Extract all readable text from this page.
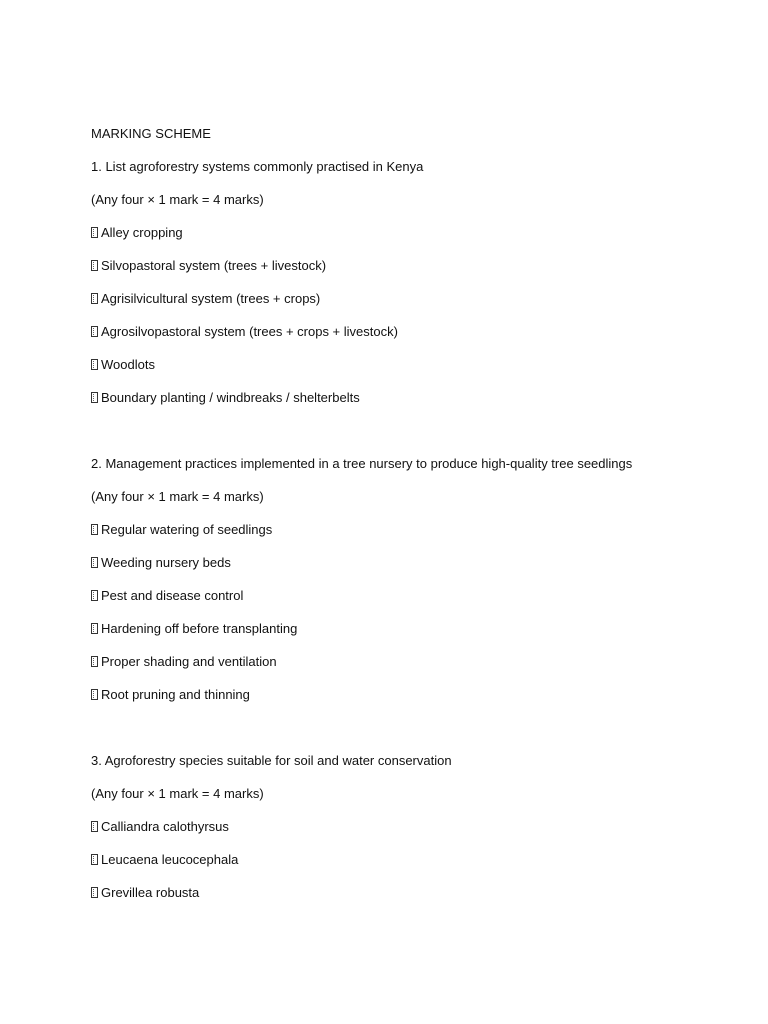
MARKING SCHEME
1. List agroforestry systems commonly practised in Kenya
(Any four × 1 mark = 4 marks)
Alley cropping
Silvopastoral system (trees + livestock)
Agrisilvicultural system (trees + crops)
Agrosilvopastoral system (trees + crops + livestock)
Woodlots
Boundary planting / windbreaks / shelterbelts
2. Management practices implemented in a tree nursery to produce high-quality tree seedlings
(Any four × 1 mark = 4 marks)
Regular watering of seedlings
Weeding nursery beds
Pest and disease control
Hardening off before transplanting
Proper shading and ventilation
Root pruning and thinning
3. Agroforestry species suitable for soil and water conservation
(Any four × 1 mark = 4 marks)
Calliandra calothyrsus
Leucaena leucocephala
Grevillea robusta
